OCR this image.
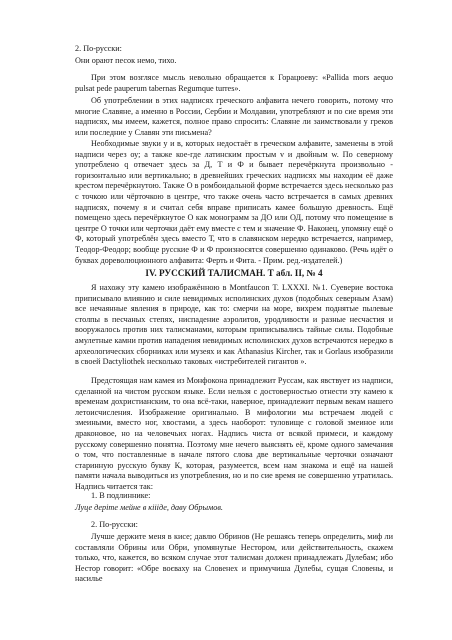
2. По-русски:

Они орают песок немо, тихо.

При этом возглясе мысль невольно обращается к Горацюеву: «Pallida mors aequo pulsat pede pauperum tabernas Regumque turres».

Об употреблении в этих надписях греческого алфавита нечего говорить, потому что многие Славяне, а именно в России, Сербии и Молдавии, употребляют и по сие время эти надписях, мы имеем, кажется, полное право спросить: Славяне ли заимствовали у греков или последние у Славян эти письмена?

Необходимые звуки у и в, которых недостаёт в греческом алфавите, заменены в этой надписи через оу; а также кое-где латинским простым v и двойным w. По северному употреблено q отвечает здесь за Д, Т и Ф и бывает перечёркнута произвольно - горизонтально или вертикально; в древнейших греческих надписях мы находим её даже крестом перечёркнутою. Также О в ромбоидальной форме встречается здесь несколько раз с точкою или чёрточкою в центре, что также очень часто встречается в самых древних надписях, почему я и считал себя вправе приписать камее большую древность. Ещё помещено здесь перечёркнутое О как монограмм за ДО или ОД, потому что помещение в центре О точки или черточки даёт ему вместе с тем и значение Ф. Наконец, упомяну ещё о Ф, который употреблён здесь вместо Т, что в славянском нередко встречается, например, Теодор-Феодор; вообще русские Ф и Ф произносятся совершенно одинаково. (Речь идёт о буквах дореволюционного алфавита: Ферть и Фита. - Прим. ред.-издателей.)

IV. РУССКИЙ ТАЛИСМАН. Т абл. II, № 4

Я нахожу эту камею изображённою в Montfaucon T. LXXXI. №1. Суеверие востока приписывало влиянию и силе невидимых исполинских духов (подобных северным Азам) все нечаянные явления в природе, как то: смерчи на море, вихрем поднятые пылевые столпы в песчаных степях, ниспадение аэролитов, уродливости и разные несчастия и вооружалось против них талисманами, которым приписывались тайные силы. Подобные амулетные камни против нападения невидимых исполинских духов встречаются нередко в археологических сборниках или музеях и как Athanasius Kircher, так и Gorlaus изобразили в своей Dactyliothek несколько таковых «истребителей гигантов ».

Предстоящая нам камея из Монфокона принадлежит Руссам, как явствует из надписи, сделанной на чистом русском языке. Если нельзя с достоверностью отнести эту камею к временам дохристианским, то она всё-таки, наверное, принадлежит первым векам нашего летоисчисления. Изображение оригинально. В мифологии мы встречаем людей с змеиными, вместо ног, хвостами, а здесь наоборот: туловище с головой змеиное или драконовое, но на человечьих ногах. Надпись чиста от всякой примеси, и каждому русскому совершенно понятна. Поэтому мне нечего выяснять её, кроме одного замечания о том, что поставленные в начале пятого слова две вертикальные черточки означают старинную русскую букву К, которая, разумеется, всем нам знакома и ещё на нашей памяти начала выводиться из употребления, но и по сие время не совершенно утратилась. Надпись читается так:

1. В подлиннике:

Луце дерiте мейне в кiiiде, даву Обрымов.

2. По-русски:

Лучше держите меня в кисе; давлю Обринов (Не решаясь теперь определить, миф ли составляли Обрины или Обри, упомянутые Нестором, или действительность, скажем только, что, кажется, во всяком случае этот талисман должен принадлежать Дулебам; ибо Нестор говорит: «Обре воєваху на Словенех и примучиша Дулебы, сущая Словены, и насилье
